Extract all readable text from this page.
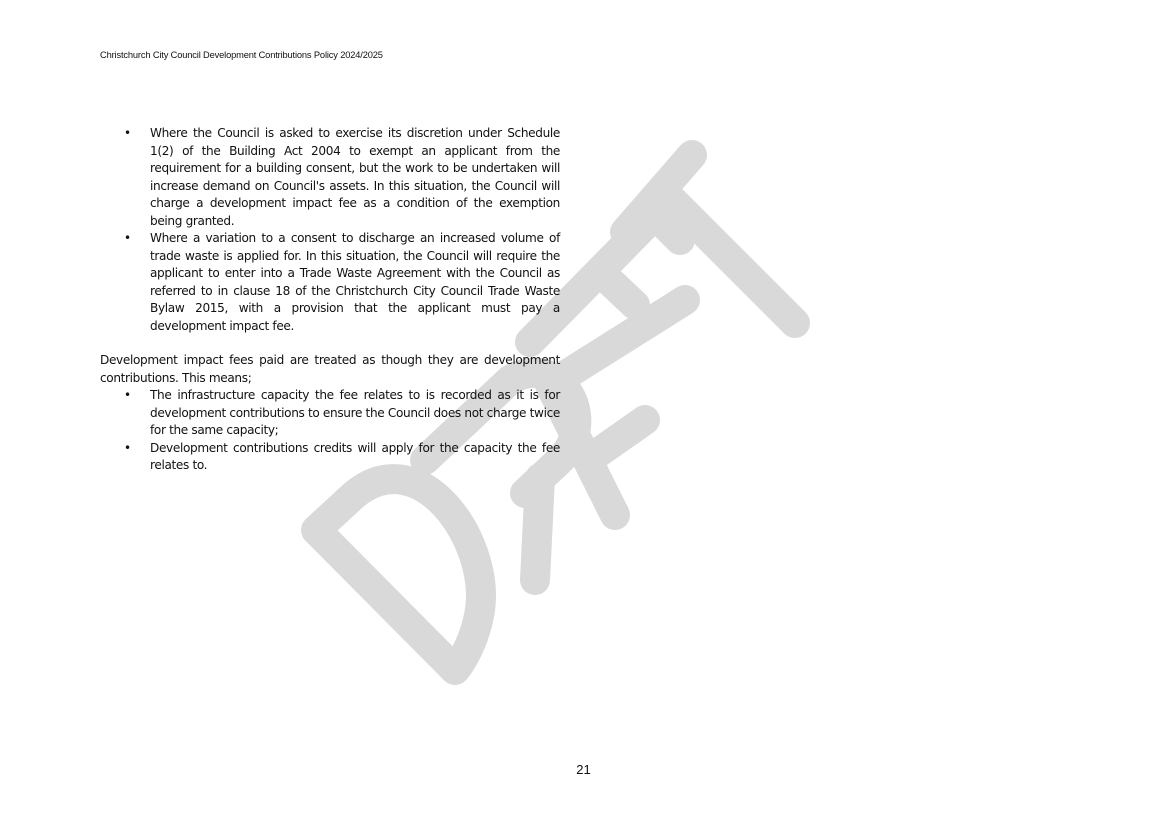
DRAFT
Christchurch City Council Development Contributions Policy 2024/2025
• Where the Council is asked to exercise its discretion under Schedule 1(2) of the Building Act 2004 to exempt an applicant from the requirement for a building consent, but the work to be undertaken will increase demand on Council's assets. In this situation, the Council will charge a development impact fee as a condition of the exemption being granted.
• Where a variation to a consent to discharge an increased volume of trade waste is applied for. In this situation, the Council will require the applicant to enter into a Trade Waste Agreement with the Council as referred to in clause 18 of the Christchurch City Council Trade Waste Bylaw 2015, with a provision that the applicant must pay a development impact fee.

Development impact fees paid are treated as though they are development contributions. This means;

• The infrastructure capacity the fee relates to is recorded as it is for development contributions to ensure the Council does not charge twice for the same capacity;
• Development contributions credits will apply for the capacity the fee relates to.
21
